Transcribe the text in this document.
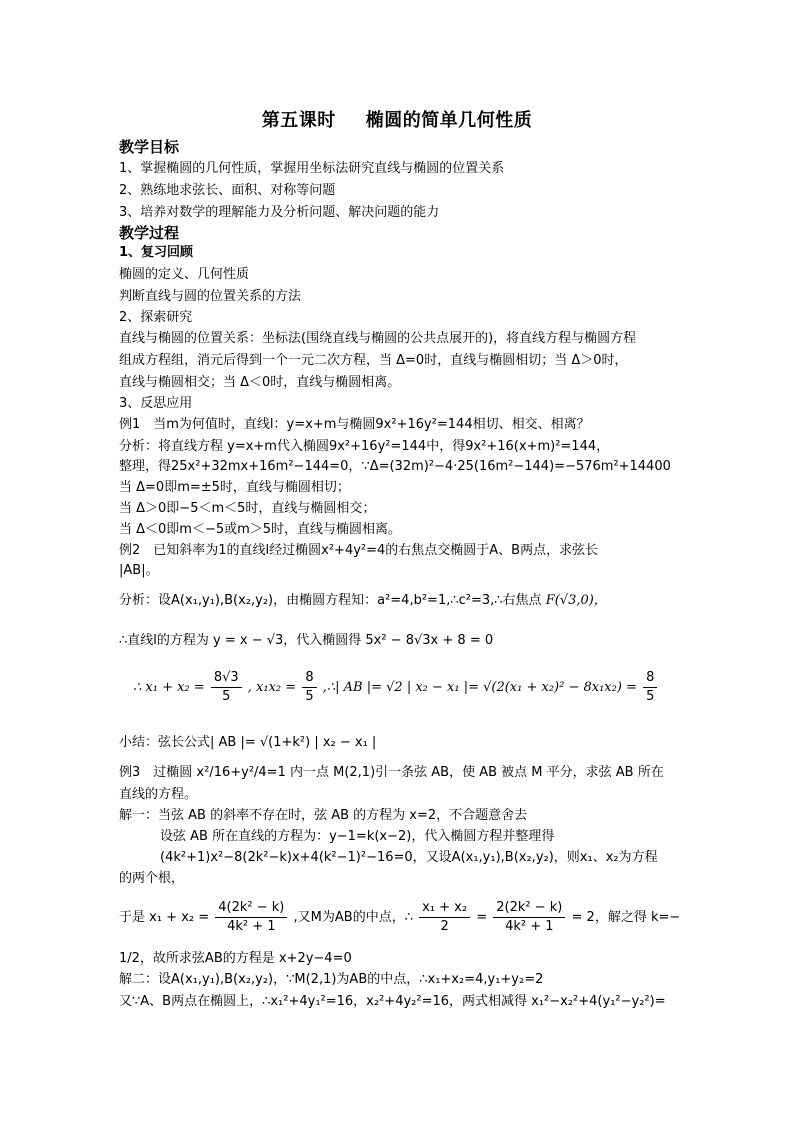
第五课时 椭圆的简单几何性质
教学目标
1、掌握椭圆的几何性质，掌握用坐标法研究直线与椭圆的位置关系
2、熟练地求弦长、面积、对称等问题
3、培养对数学的理解能力及分析问题、解决问题的能力
教学过程
1、复习回顾
椭圆的定义、几何性质
判断直线与圆的位置关系的方法
2、探索研究
直线与椭圆的位置关系：坐标法(围绕直线与椭圆的公共点展开的)，将直线方程与椭圆方程
组成方程组，消元后得到一个一元二次方程，当 Δ=0时，直线与椭圆相切；当 Δ＞0时，
直线与椭圆相交；当 Δ＜0时，直线与椭圆相离。
3、反思应用
例1　当m为何值时，直线l：y=x+m与椭圆9x²+16y²=144相切、相交、相离？
分析：将直线方程 y=x+m代入椭圆9x²+16y²=144中，得9x²+16(x+m)²=144，
整理，得25x²+32mx+16m²−144=0，∵Δ=(32m)²−4·25(16m²−144)=−576m²+14400
当 Δ=0即m=±5时，直线与椭圆相切；
当 Δ＞0即−5＜m＜5时，直线与椭圆相交；
当 Δ＜0即m＜−5或m＞5时，直线与椭圆相离。
例2　已知斜率为1的直线l经过椭圆x²+4y²=4的右焦点交椭圆于A、B两点，求弦长
|AB|。
分析：设A(x₁,y₁),B(x₂,y₂)，由椭圆方程知：a²=4,b²=1,∴c²=3,∴右焦点 F(√3,0)，
∴直线l的方程为 y = x − √3，代入椭圆得 5x² − 8√3x + 8 = 0
∴ $x_1 + x_2 = \frac{8√3}{5}$ , $x_1x_2 = \frac{8}{5}$ ,∴| AB |= √2 | x₂ − x₁ |= $√(2(x_1 + x_2)^2 - 8x_1x_2) = \frac{8}{5}$
小结：弦长公式| AB |= √(1+k²) | x₂ − x₁ |
例3　过椭圆 x²/16+y²/4=1 内一点 M(2,1)引一条弦 AB，使 AB 被点 M 平分，求弦 AB 所在
直线的方程。
解一：当弦 AB 的斜率不存在时，弦 AB 的方程为 x=2，不合题意舍去
设弦 AB 所在直线的方程为：y−1=k(x−2)，代入椭圆方程并整理得
(4k²+1)x²−8(2k²−k)x+4(k²−1)²−16=0，又设A(x₁,y₁),B(x₂,y₂)，则x₁、x₂为方程
的两个根，
于是 $x_1 + x_2 = \frac{\text{4(2k² − k)}}{\text{4k² + 1}}$ ,又M为AB的中点，∴ $\frac{\text{x₁ + x₂}}{2} = \frac{\text{2(2k² − k)}}{\text{4k² + 1}} = 2$，解之得 k=−
1/2，故所求弦AB的方程是 x+2y−4=0
解二：设A(x₁,y₁),B(x₂,y₂)，∵M(2,1)为AB的中点，∴x₁+x₂=4,y₁+y₂=2
又∵A、B两点在椭圆上，∴x₁²+4y₁²=16，x₂²+4y₂²=16，两式相减得 x₁²−x₂²+4(y₁²−y₂²)=
